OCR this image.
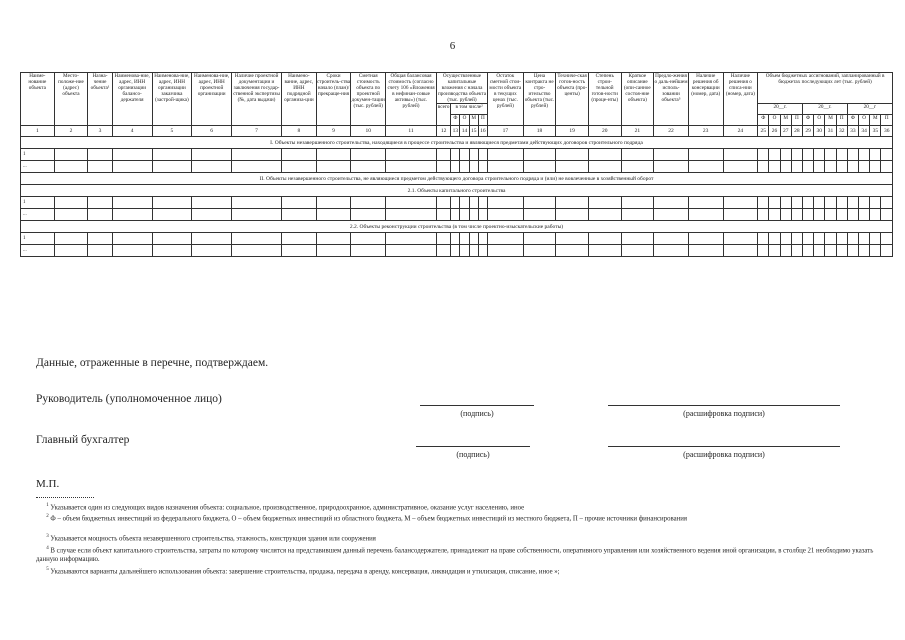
6
Наиме-нование объекта	Место-положе-ние (адрес) объекта	Назна-чение объекта¹	Наименова-ние, адрес, ИНН организации балансо-держателя	Наименова-ние, адрес, ИНН организации заказчика (застрой-щика)	Наименова-ние, адрес, ИНН проектной организации	Наличие проектной документации и заключения государ-ственной экспертизы (№, дата выдачи)	Наимено-вание, адрес, ИНН подрядной организа-ции	Сроки строитель-ства начало (план)/ прекраще-ния	Сметная стоимость объекта по проектной докумен-тации (тыс. рублей)	Общая балансовая стоимость (согласно счету 106 «Вложения в нефинан-совые активы») (тыс. рублей)	Осуществленные капитальные вложения с начала производства объекта (тыс. рублей)					Остаток сметной стои-мости объекта в текущих ценах (тыс. рублей)	Цена контракта не стро-ительство объекта (тыс. рублей)	Техниче-ская готов-ность объекта (про-центы)	Степень строи-тельной готов-ности (проце-нты)	Краткое описание (опи-санное состоя-ние объекта)	Предло-жения о даль-нейшем исполь-зовании объекта⁵	Наличие решения об консервации (номер, дата)	Наличие решения о списа-нии (номер, дата)	Объем бюджетных ассигнований, запланированный в бюджетах последующих лет (тыс. рублей)											
											всего	в том числе²												20__г.				20__г.				20__г			
												Ф	О	М	П									Ф	О	М	П	Ф	О	М	П	Ф	О	М	П
1	2	3	4	5	6	7	8	9	10	11	12	13	14	15	16	17	18	19	20	21	22	23	24	25	26	27	28	29	30	31	32	33	34	35	36
I. Объекты незавершенного строительства, находящиеся в процессе строительства и являющиеся предметами действующих договоров строительного подряда																																			
1																																			
...																																			
II. Объекты незавершенного строительства, не являющиеся предметом действующего договора строительного подряда и (или) не вовлеченные в хозяйственный оборот																																			
2.1. Объекты капитального строительства																																			
1																																			
...																																			
2.2. Объекты реконструкции строительства (в том числе проектно-изыскательские работы)																																			
1																																			
...																																			
Данные, отраженные в перечне, подтверждаем.
Руководитель (уполномоченное лицо)
(подпись)	(расшифровка подписи)
Главный бухгалтер
(подпись)	(расшифровка подписи)
М.П.
$^1$ Указывается один из следующих видов назначения объекта: социальное, производственное, природоохранное, административное, оказание услуг населению, иное
$^2$ Ф – объем бюджетных инвестиций из федерального бюджета, О – объем бюджетных инвестиций из областного бюджета, М – объем бюджетных инвестиций из местного бюджета, П – прочие источники финансирования
$^3$ Указывается мощность объекта незавершенного строительства, этажность, конструкция здания или сооружения
$^4$ В случае если объект капитального строительства, затраты по которому числятся на представившем данный перечень балансодержателе, принадлежит на праве собственности, оперативного управления или хозяйственного ведения иной организации, в столбце 21 необходимо указать данную информацию.
$^5$ Указываются варианты дальнейшего использования объекта: завершение строительства, продажа, передача в аренду, консервация, ликвидация и утилизация, списание, иное »;
